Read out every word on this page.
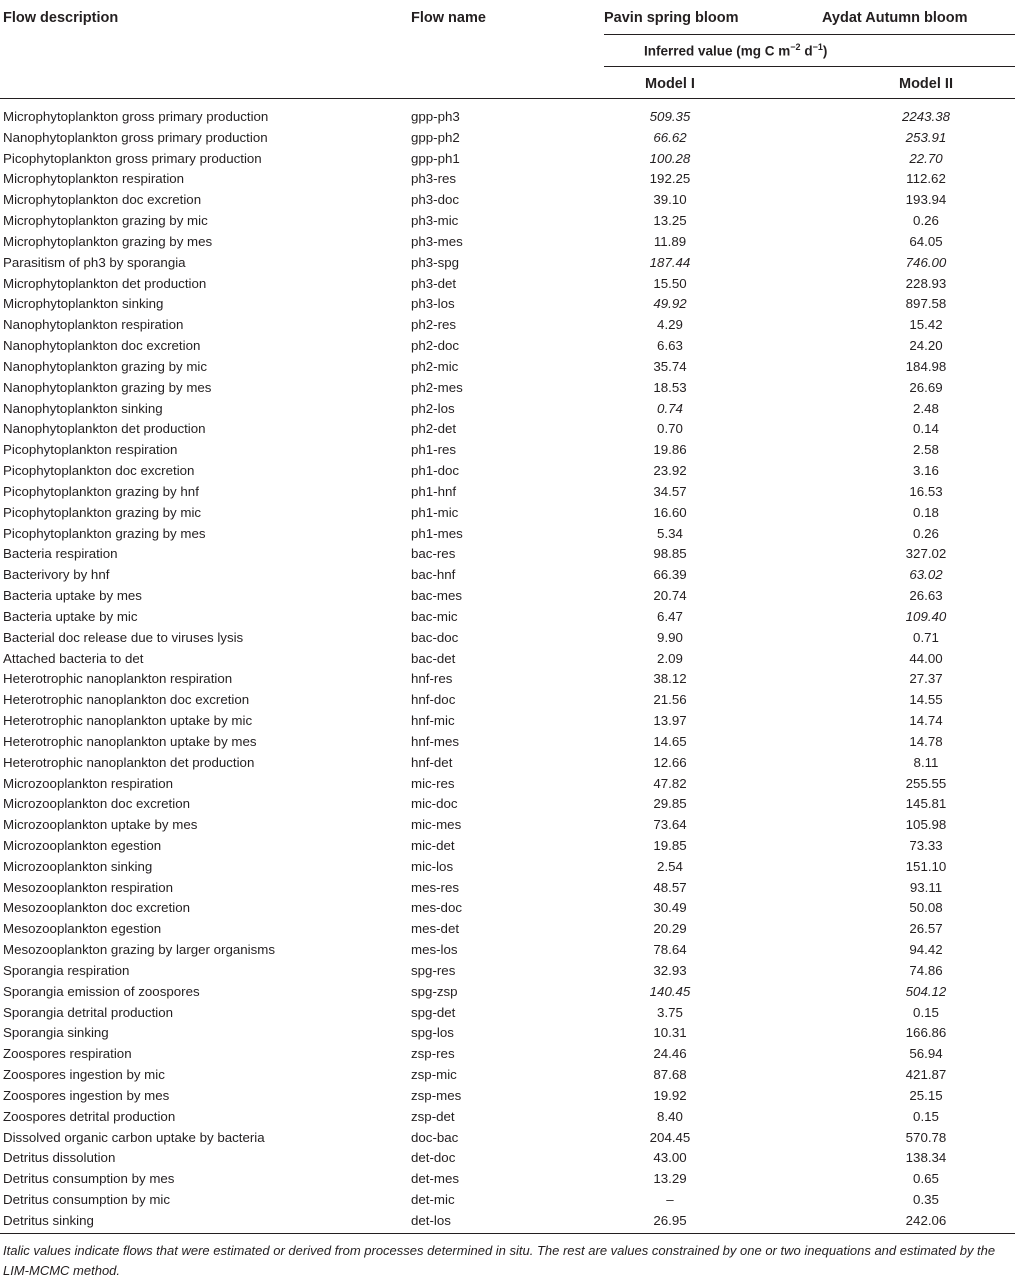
Flow description	Flow name	Pavin spring bloom	Aydat Autumn bloom
Inferred value (mg C $m^{-2}$ $d^{-1}$)
Model I	Model II
Microphytoplankton gross primary production	gpp-ph3	509.35	2243.38
Nanophytoplankton gross primary production	gpp-ph2	66.62	253.91
Picophytoplankton gross primary production	gpp-ph1	100.28	22.70
Microphytoplankton respiration	ph3-res	192.25	112.62
Microphytoplankton doc excretion	ph3-doc	39.10	193.94
Microphytoplankton grazing by mic	ph3-mic	13.25	0.26
Microphytoplankton grazing by mes	ph3-mes	11.89	64.05
Parasitism of ph3 by sporangia	ph3-spg	187.44	746.00
Microphytoplankton det production	ph3-det	15.50	228.93
Microphytoplankton sinking	ph3-los	49.92	897.58
Nanophytoplankton respiration	ph2-res	4.29	15.42
Nanophytoplankton doc excretion	ph2-doc	6.63	24.20
Nanophytoplankton grazing by mic	ph2-mic	35.74	184.98
Nanophytoplankton grazing by mes	ph2-mes	18.53	26.69
Nanophytoplankton sinking	ph2-los	0.74	2.48
Nanophytoplankton det production	ph2-det	0.70	0.14
Picophytoplankton respiration	ph1-res	19.86	2.58
Picophytoplankton doc excretion	ph1-doc	23.92	3.16
Picophytoplankton grazing by hnf	ph1-hnf	34.57	16.53
Picophytoplankton grazing by mic	ph1-mic	16.60	0.18
Picophytoplankton grazing by mes	ph1-mes	5.34	0.26
Bacteria respiration	bac-res	98.85	327.02
Bacterivory by hnf	bac-hnf	66.39	63.02
Bacteria uptake by mes	bac-mes	20.74	26.63
Bacteria uptake by mic	bac-mic	6.47	109.40
Bacterial doc release due to viruses lysis	bac-doc	9.90	0.71
Attached bacteria to det	bac-det	2.09	44.00
Heterotrophic nanoplankton respiration	hnf-res	38.12	27.37
Heterotrophic nanoplankton doc excretion	hnf-doc	21.56	14.55
Heterotrophic nanoplankton uptake by mic	hnf-mic	13.97	14.74
Heterotrophic nanoplankton uptake by mes	hnf-mes	14.65	14.78
Heterotrophic nanoplankton det production	hnf-det	12.66	8.11
Microzooplankton respiration	mic-res	47.82	255.55
Microzooplankton doc excretion	mic-doc	29.85	145.81
Microzooplankton uptake by mes	mic-mes	73.64	105.98
Microzooplankton egestion	mic-det	19.85	73.33
Microzooplankton sinking	mic-los	2.54	151.10
Mesozooplankton respiration	mes-res	48.57	93.11
Mesozooplankton doc excretion	mes-doc	30.49	50.08
Mesozooplankton egestion	mes-det	20.29	26.57
Mesozooplankton grazing by larger organisms	mes-los	78.64	94.42
Sporangia respiration	spg-res	32.93	74.86
Sporangia emission of zoospores	spg-zsp	140.45	504.12
Sporangia detrital production	spg-det	3.75	0.15
Sporangia sinking	spg-los	10.31	166.86
Zoospores respiration	zsp-res	24.46	56.94
Zoospores ingestion by mic	zsp-mic	87.68	421.87
Zoospores ingestion by mes	zsp-mes	19.92	25.15
Zoospores detrital production	zsp-det	8.40	0.15
Dissolved organic carbon uptake by bacteria	doc-bac	204.45	570.78
Detritus dissolution	det-doc	43.00	138.34
Detritus consumption by mes	det-mes	13.29	0.65
Detritus consumption by mic	det-mic	–	0.35
Detritus sinking	det-los	26.95	242.06
Italic values indicate flows that were estimated or derived from processes determined in situ. The rest are values constrained by one or two inequations and estimated by the LIM-MCMC method.
